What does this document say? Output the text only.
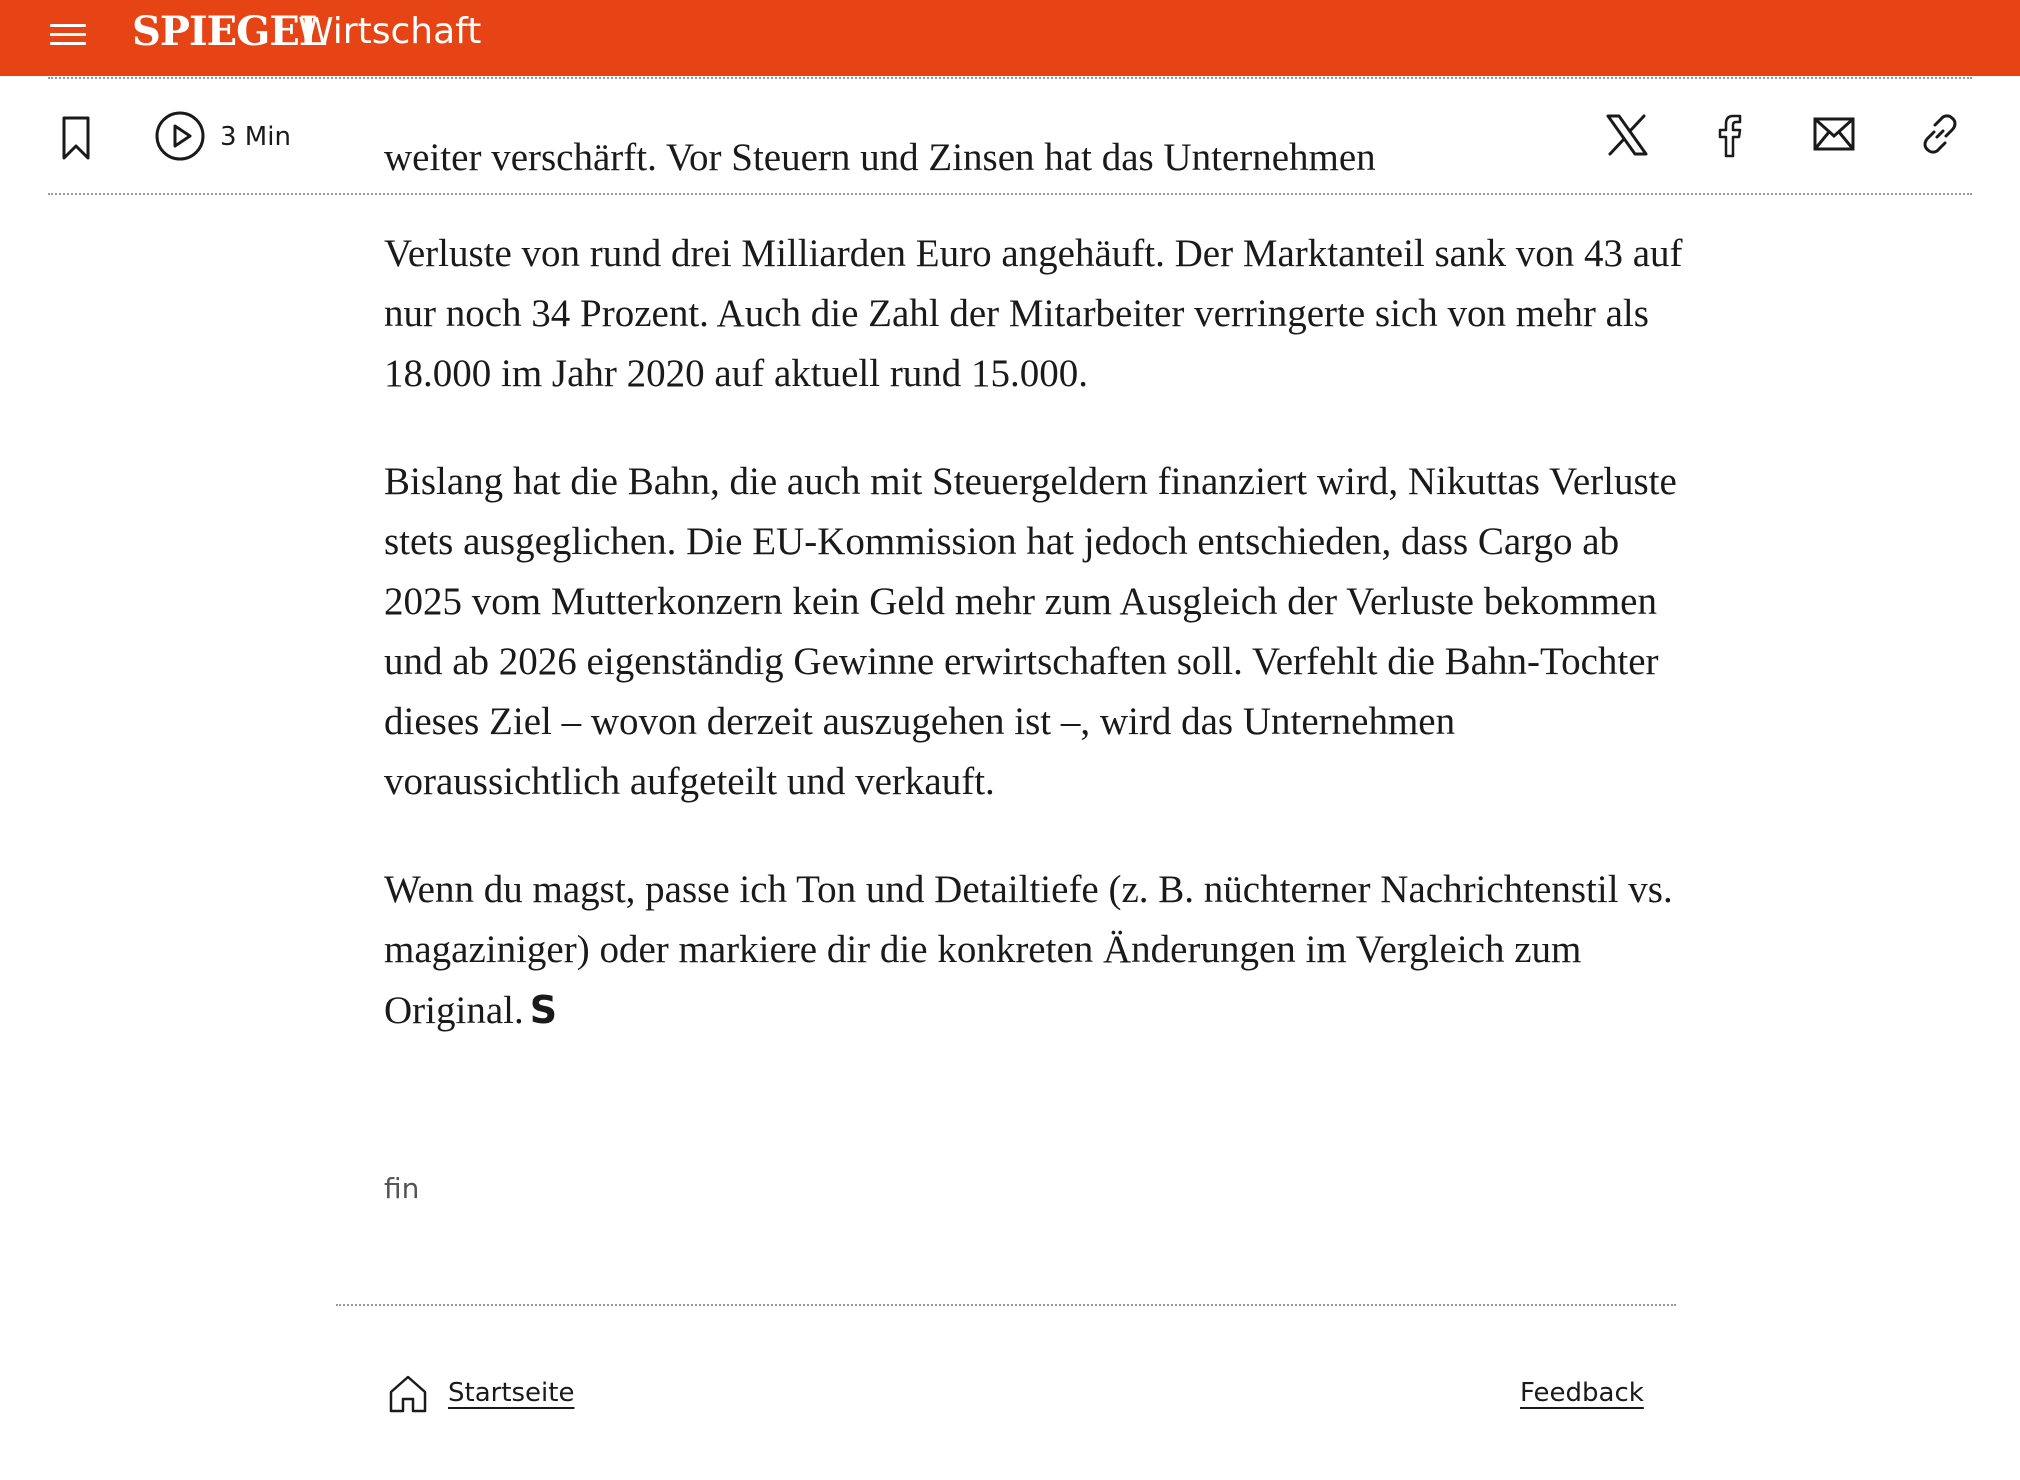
SPIEGEL
Wirtschaft
3 Min weiter verschärft. Vor Steuern und Zinsen hat das Unternehmen

Verluste von rund drei Milliarden Euro angehäuft. Der Marktanteil sank von 43 auf nur noch 34 Prozent. Auch die Zahl der Mitarbeiter verringerte sich von mehr als 18.000 im Jahr 2020 auf aktuell rund 15.000.

Bislang hat die Bahn, die auch mit Steuergeldern finanziert wird, Nikuttas Verluste stets ausgeglichen. Die EU-Kommission hat jedoch entschieden, dass Cargo ab 2025 vom Mutterkonzern kein Geld mehr zum Ausgleich der Verluste bekommen und ab 2026 eigenständig Gewinne erwirtschaften soll. Verfehlt die Bahn-Tochter dieses Ziel – wovon derzeit auszugehen ist –, wird das Unternehmen voraussichtlich aufgeteilt und verkauft.

Wenn du magst, passe ich Ton und Detailtiefe (z. B. nüchterner Nachrichtenstil vs. magaziniger) oder markiere dir die konkreten Änderungen im Vergleich zum Original. S

fin
Startseite	Feedback
